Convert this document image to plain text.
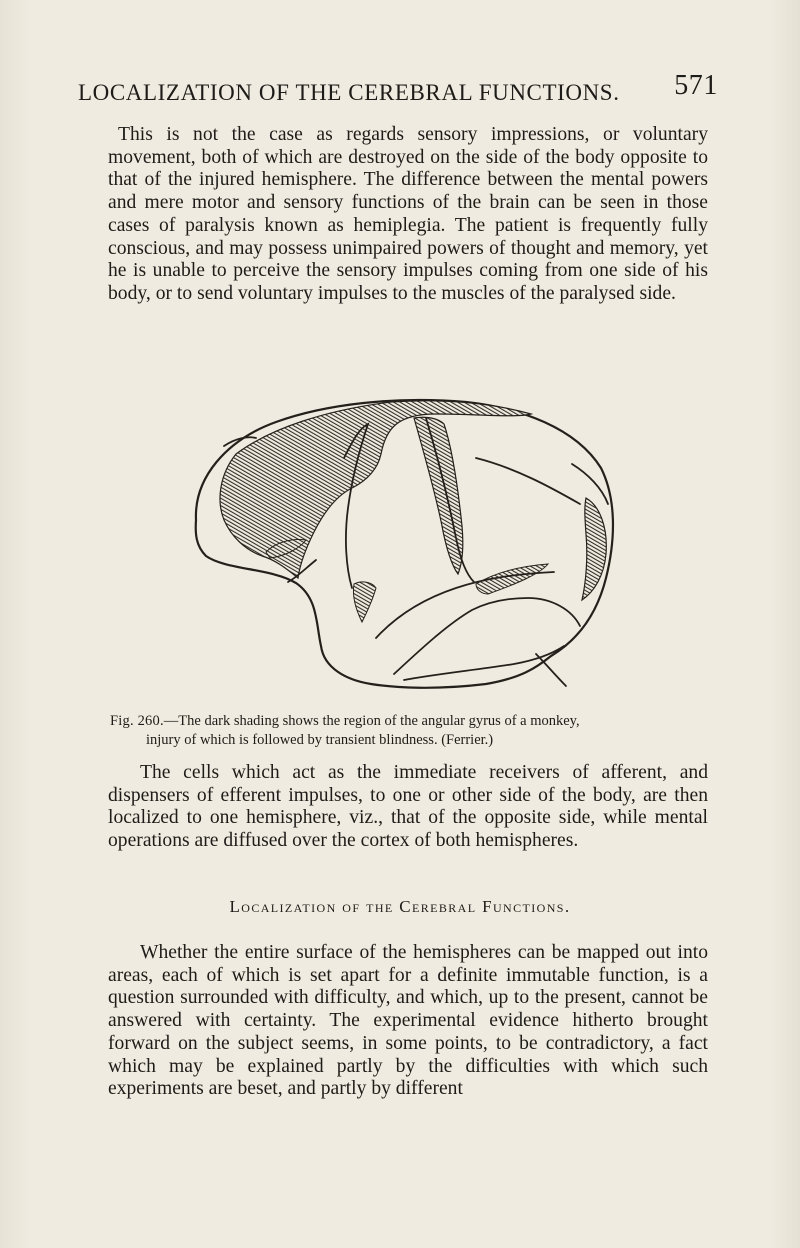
LOCALIZATION OF THE CEREBRAL FUNCTIONS. 571

This is not the case as regards sensory impressions, or voluntary movement, both of which are destroyed on the side of the body opposite to that of the injured hemisphere. The difference between the mental powers and mere motor and sensory functions of the brain can be seen in those cases of paralysis known as hemiplegia. The patient is frequently fully conscious, and may possess unimpaired powers of thought and memory, yet he is unable to perceive the sensory impulses coming from one side of his body, or to send voluntary impulses to the muscles of the paralysed side.

Fig. 260.—The dark shading shows the region of the angular gyrus of a monkey,
injury of which is followed by transient blindness. (Ferrier.)

The cells which act as the immediate receivers of afferent, and dispensers of efferent impulses, to one or other side of the body, are then localized to one hemisphere, viz., that of the opposite side, while mental operations are diffused over the cortex of both hemispheres.

Localization of the Cerebral Functions.

Whether the entire surface of the hemispheres can be mapped out into areas, each of which is set apart for a definite immutable function, is a question surrounded with difficulty, and which, up to the present, cannot be answered with certainty. The experimental evidence hitherto brought forward on the subject seems, in some points, to be contradictory, a fact which may be explained partly by the difficulties with which such experiments are beset, and partly by different
